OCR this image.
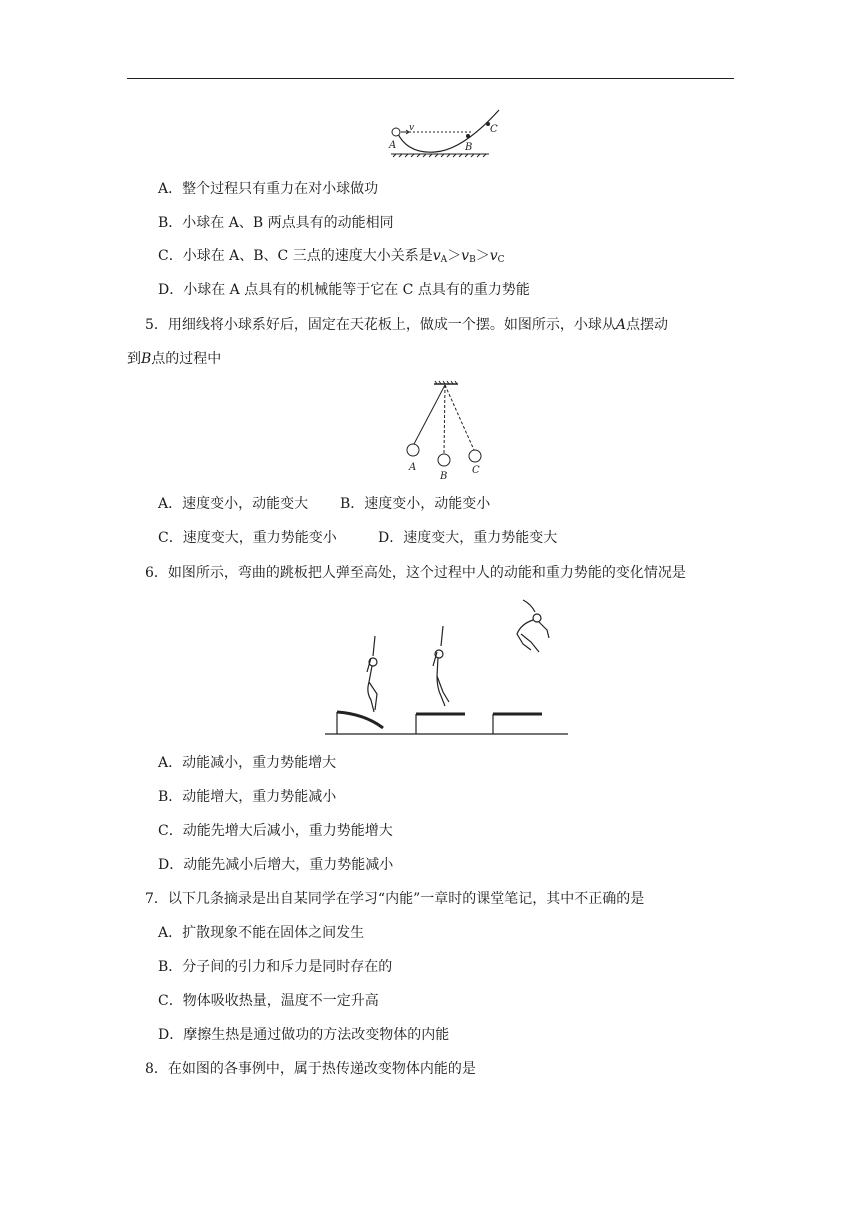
A	B
C
v
A．整个过程只有重力在对小球做功
B．小球在 A、B 两点具有的动能相同
C．小球在 A、B、C 三点的速度大小关系是$v_A>v_B>v_C$
D．小球在 A 点具有的机械能等于它在 C 点具有的重力势能
5．用细线将小球系好后，固定在天花板上，做成一个摆。如图所示，小球从A点摆动
到B点的过程中
A
B
C
A．速度变小，动能变大 B．速度变小，动能变小
C．速度变大，重力势能变小	D．速度变大，重力势能变大
6．如图所示，弯曲的跳板把人弹至高处，这个过程中人的动能和重力势能的变化情况是
A．动能减小，重力势能增大
B．动能增大，重力势能减小
C．动能先增大后减小，重力势能增大
D．动能先减小后增大，重力势能减小
7．以下几条摘录是出自某同学在学习“内能”一章时的课堂笔记，其中不正确的是
A．扩散现象不能在固体之间发生
B．分子间的引力和斥力是同时存在的
C．物体吸收热量，温度不一定升高
D．摩擦生热是通过做功的方法改变物体的内能
8．在如图的各事例中，属于热传递改变物体内能的是
